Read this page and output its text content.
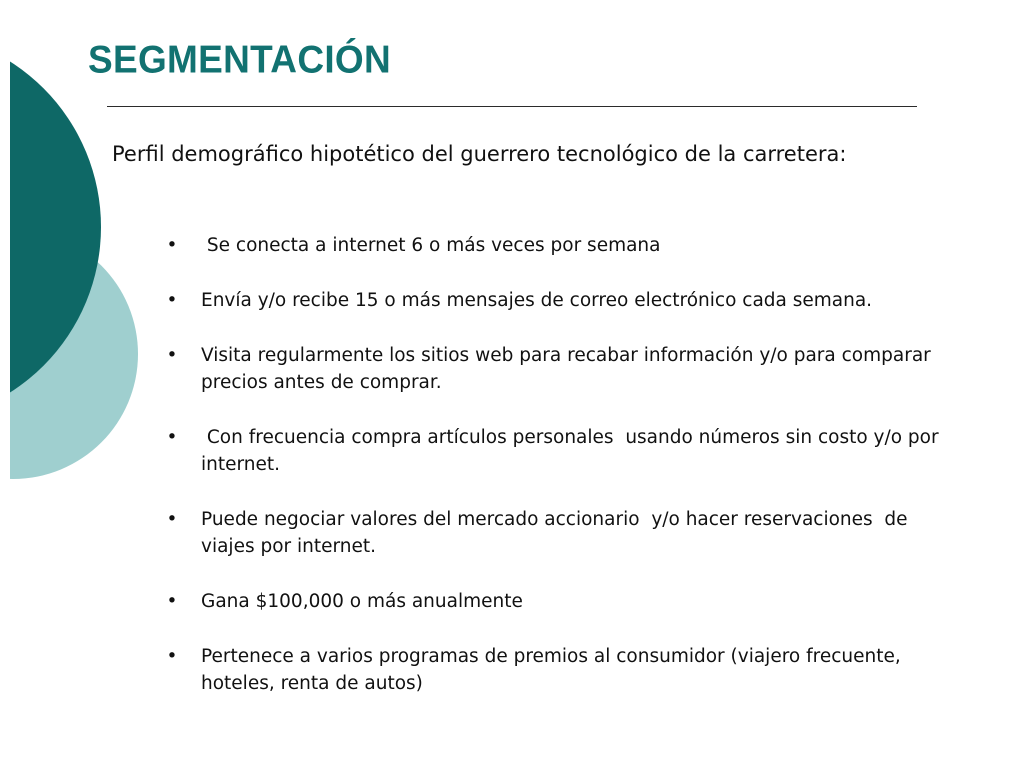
SEGMENTACIÓN

Perfil demográfico hipotético del guerrero tecnológico de la carretera:

• Se conecta a internet 6 o más veces por semana
• Envía y/o recibe 15 o más mensajes de correo electrónico cada semana.
• Visita regularmente los sitios web para recabar información y/o para comparar precios antes de comprar.
• Con frecuencia compra artículos personales  usando números sin costo y/o por internet.
• Puede negociar valores del mercado accionario  y/o hacer reservaciones  de viajes por internet.
• Gana $100,000 o más anualmente
• Pertenece a varios programas de premios al consumidor (viajero frecuente, hoteles, renta de autos)
